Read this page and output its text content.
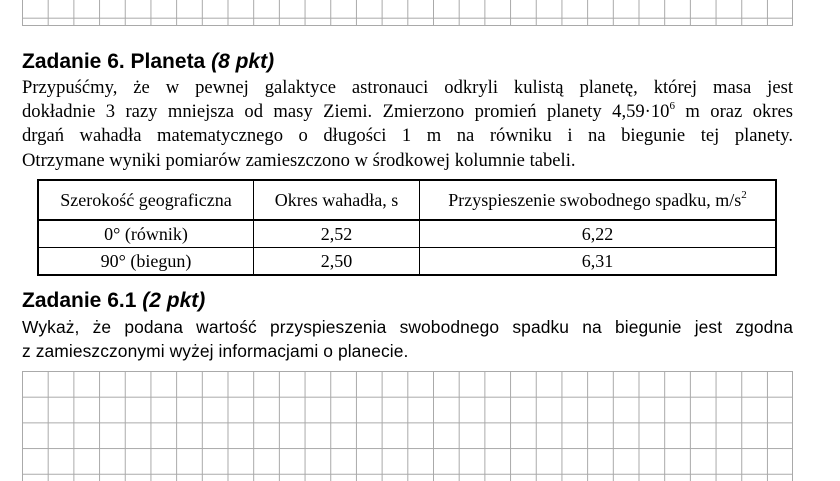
Zadanie 6. Planeta (8 pkt)
Przypuśćmy, że w pewnej galaktyce astronauci odkryli kulistą planetę, której masa jest
dokładnie 3 razy mniejsza od masy Ziemi. Zmierzono promień planety $4,59\cdot 10^6$ m oraz okres
drgań wahadła matematycznego o długości 1 m na równiku i na biegunie tej planety.
Otrzymane wyniki pomiarów zamieszczono w środkowej kolumnie tabeli.
Szerokość geograficzna	Okres wahadła, s	Przyspieszenie swobodnego spadku, $m/s^2$
0° (równik)	2,52	6,22
90° (biegun)	2,50	6,31
Zadanie 6.1 (2 pkt)
Wykaż, że podana wartość przyspieszenia swobodnego spadku na biegunie jest zgodna
z zamieszczonymi wyżej informacjami o planecie.
